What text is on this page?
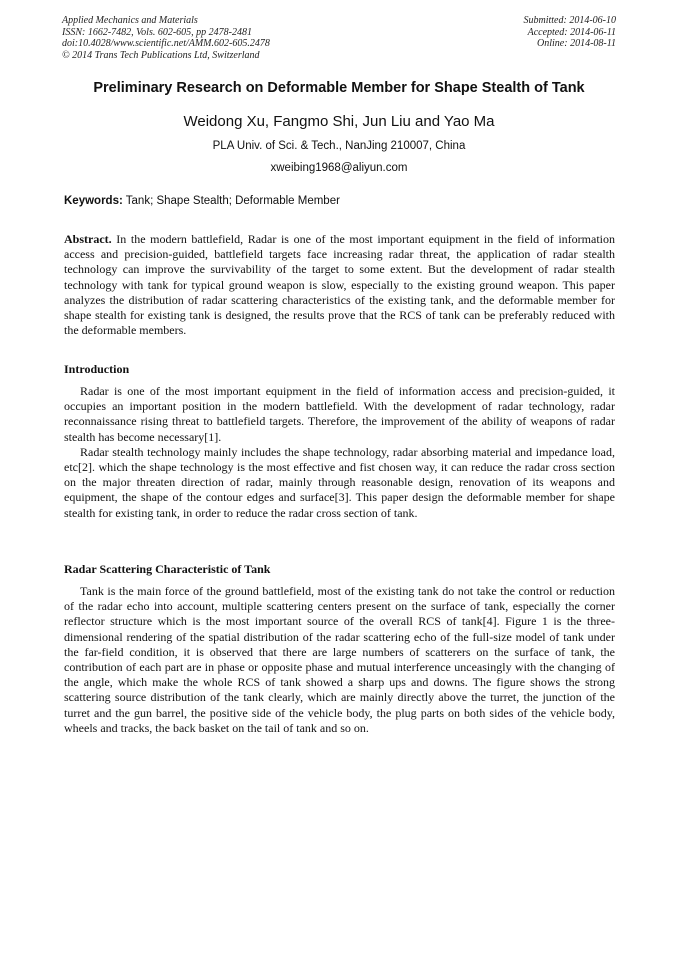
Applied Mechanics and Materials
ISSN: 1662-7482, Vols. 602-605, pp 2478-2481
doi:10.4028/www.scientific.net/AMM.602-605.2478
© 2014 Trans Tech Publications Ltd, Switzerland
Submitted: 2014-06-10
Accepted: 2014-06-11
Online: 2014-08-11
Preliminary Research on Deformable Member for Shape Stealth of Tank
Weidong Xu, Fangmo Shi, Jun Liu and Yao Ma
PLA Univ. of Sci. & Tech., NanJing 210007, China
xweibing1968@aliyun.com
Keywords: Tank; Shape Stealth; Deformable Member
Abstract. In the modern battlefield, Radar is one of the most important equipment in the field of information access and precision-guided, battlefield targets face increasing radar threat, the application of radar stealth technology can improve the survivability of the target to some extent. But the development of radar stealth technology with tank for typical ground weapon is slow, especially to the existing ground weapon. This paper analyzes the distribution of radar scattering characteristics of the existing tank, and the deformable member for shape stealth for existing tank is designed, the results prove that the RCS of tank can be preferably reduced with the deformable members.
Introduction

Radar is one of the most important equipment in the field of information access and precision-guided, it occupies an important position in the modern battlefield. With the development of radar technology, radar reconnaissance rising threat to battlefield targets. Therefore, the improvement of the ability of weapons of radar stealth has become necessary[1].

Radar stealth technology mainly includes the shape technology, radar absorbing material and impedance load, etc[2]. which the shape technology is the most effective and fist chosen way, it can reduce the radar cross section on the major threaten direction of radar, mainly through reasonable design, renovation of its weapons and equipment, the shape of the contour edges and surface[3]. This paper design the deformable member for shape stealth for existing tank, in order to reduce the radar cross section of tank.

Radar Scattering Characteristic of Tank

Tank is the main force of the ground battlefield, most of the existing tank do not take the control or reduction of the radar echo into account, multiple scattering centers present on the surface of tank, especially the corner reflector structure which is the most important source of the overall RCS of tank[4]. Figure 1 is the three-dimensional rendering of the spatial distribution of the radar scattering echo of the full-size model of tank under the far-field condition, it is observed that there are large numbers of scatterers on the surface of tank, the contribution of each part are in phase or opposite phase and mutual interference unceasingly with the changing of the angle, which make the whole RCS of tank showed a sharp ups and downs. The figure shows the strong scattering source distribution of the tank clearly, which are mainly directly above the turret, the junction of the turret and the gun barrel, the positive side of the vehicle body, the plug parts on both sides of the vehicle body, wheels and tracks, the back basket on the tail of tank and so on.
